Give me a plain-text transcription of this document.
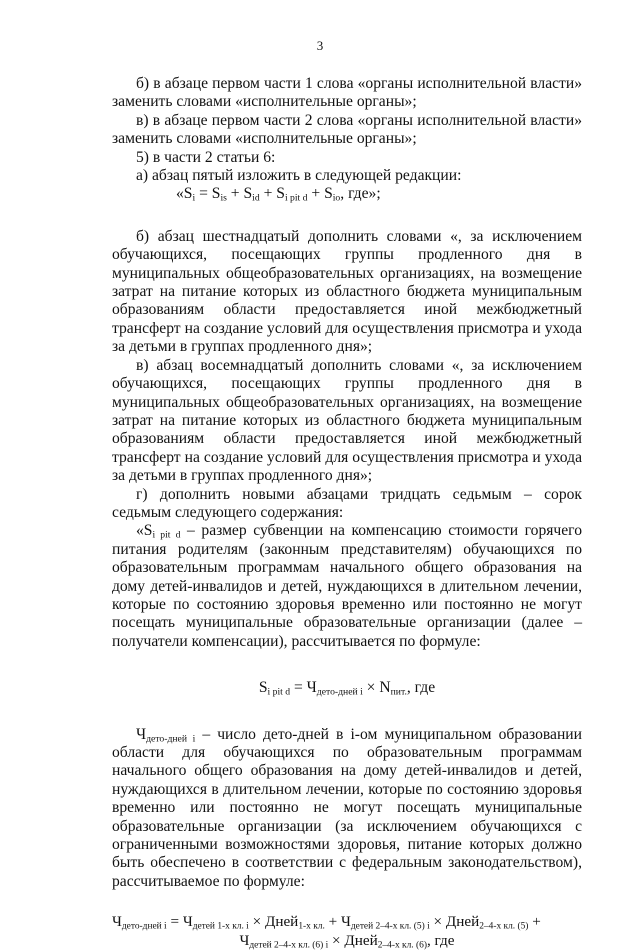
3

б) в абзаце первом части 1 слова «органы исполнительной власти» заменить словами «исполнительные органы»;

в) в абзаце первом части 2 слова «органы исполнительной власти» заменить словами «исполнительные органы»;

5) в части 2 статьи 6:

а) абзац пятый изложить в следующей редакции:

«$S_i = S_{is} + S_{id} + S_{i pit d} + S_{io}$, где»;

б) абзац шестнадцатый дополнить словами «, за исключением обучающихся, посещающих группы продленного дня в муниципальных общеобразовательных организациях, на возмещение затрат на питание которых из областного бюджета муниципальным образованиям области предоставляется иной межбюджетный трансферт на создание условий для осуществления присмотра и ухода за детьми в группах продленного дня»;

в) абзац восемнадцатый дополнить словами «, за исключением обучающихся, посещающих группы продленного дня в муниципальных общеобразовательных организациях, на возмещение затрат на питание которых из областного бюджета муниципальным образованиям области предоставляется иной межбюджетный трансферт на создание условий для осуществления присмотра и ухода за детьми в группах продленного дня»;

г) дополнить новыми абзацами тридцать седьмым – сорок седьмым следующего содержания:

«$S_{i pit d}$ – размер субвенции на компенсацию стоимости горячего питания родителям (законным представителям) обучающихся по образовательным программам начального общего образования на дому детей-инвалидов и детей, нуждающихся в длительном лечении, которые по состоянию здоровья временно или постоянно не могут посещать муниципальные образовательные организации (далее – получатели компенсации), рассчитывается по формуле:

$S_{i pit d} = Ч_{дето-дней i} \times N_{пит.}$, где

$Ч_{дето-дней i}$ – число дето-дней в i-ом муниципальном образовании области для обучающихся по образовательным программам начального общего образования на дому детей-инвалидов и детей, нуждающихся в длительном лечении, которые по состоянию здоровья временно или постоянно не могут посещать муниципальные образовательные организации (за исключением обучающихся с ограниченными возможностями здоровья, питание которых должно быть обеспечено в соответствии с федеральным законодательством), рассчитываемое по формуле:

$Ч_{дето-дней i} = Ч_{детей 1-х кл. i}$ × Дней$_{1-х кл.}$ + $Ч_{детей 2-4-х кл. (5) i}$ × Дней$_{2-4-х кл. (5)}$ +

$Ч_{детей 2-4-х кл. (6) i}$ × Дней$_{2-4-х кл. (6)}$, где
